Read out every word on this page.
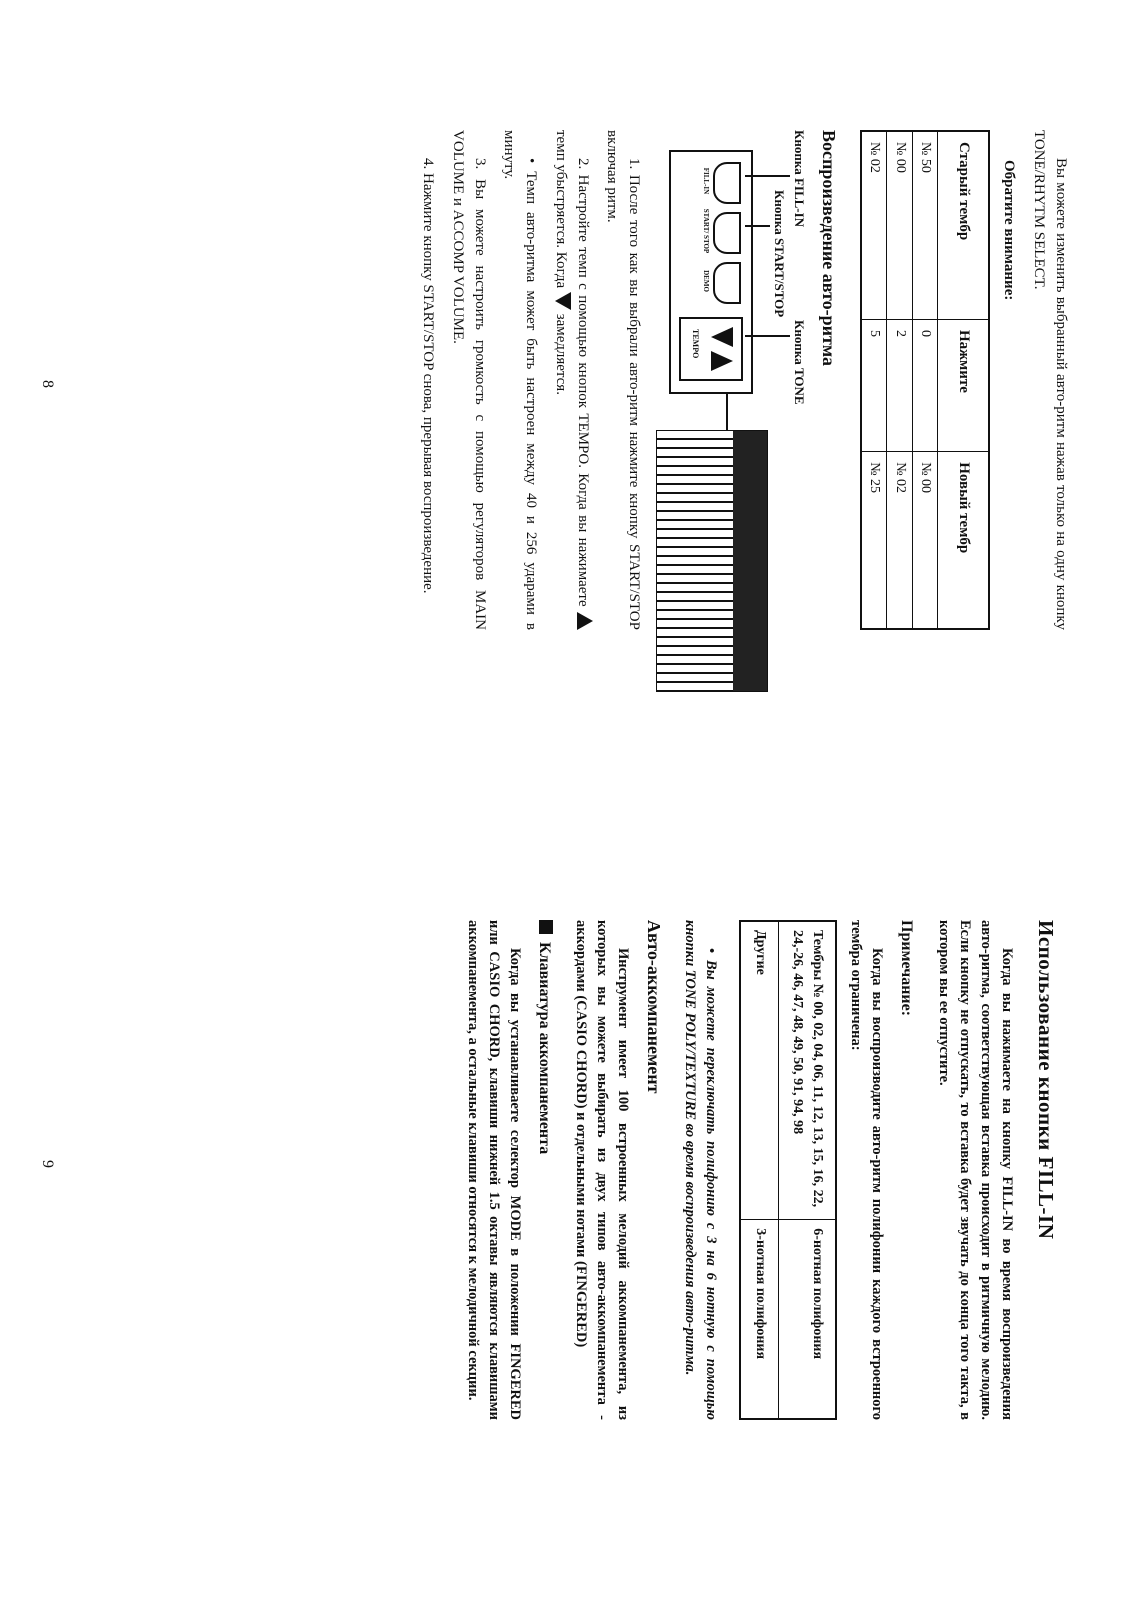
Вы можете изменить выбранный авто-ритм нажав только на одну кнопку TONE/RHYTM SELECT.

Обратите внимание:
Старый тембр	Нажмите	Новый тембр
№ 50	0	№ 00
№ 00	2	№ 02
№ 02	5	№ 25
Воспроизведение авто-ритма
Кнопка FILL-IN
Кнопка START/STOP
Кнопка TONE
FILL-IN
START/ STOP
DEMO
TEMPO

1. После того как вы выбрали авто-ритм нажмите кнопку START/STOP включая ритм.

2. Настройте темп с помощью кнопок TEMPO. Когда вы нажимаете  темп убыстряется. Когда  замедляется.

• Темп авто-ритма может быть настроен между 40 и 256 ударами в минуту.

3. Вы можете настроить громкость с помощью регуляторов MAIN VOLUME и ACCOMP VOLUME.

4. Нажмите кнопку START/STOP снова, прерывая воспроизведение.

8
Использование кнопки FILL-IN

Когда вы нажимаете на кнопку FILL-IN во время воспроизведения авто-ритма, соответствующая вставка происходит в ритмичную мелодию. Если кнопку не отпускать, то вставка будет звучать до конца того такта, в котором вы ее отпустите.

Примечание:

Когда вы воспроизводите авто-ритм полифонии каждого встроенного тембра ограничена:

Тембры № 00, 02, 04, 06, 11, 12, 13, 15, 16, 22, 24,-26, 46, 47, 48, 49, 50, 91, 94, 98	6-нотная полифония
Другие	3-нотная полифония

• Вы можете переключать полифонию с 3 на 6 нотную с помощью кнопки TONE POLY/TEXTURE во время воспроизведения авто-ритма.

Авто-аккомпанемент

Инструмент имеет 100 встроенных мелодий аккомпанемента, из которых вы можете выбирать из двух типов авто-аккомпанемента - аккордами (CASIO CHORD) и отдельными нотами (FINGERED)

Клавиатура аккомпанемента

Когда вы устанавливаете селектор MODE в положении FINGERED или CASIO CHORD, клавиши нижней 1.5 октавы являются клавишами аккомпанемента, а остальные клавиши относятся к мелодичной секции.

9
